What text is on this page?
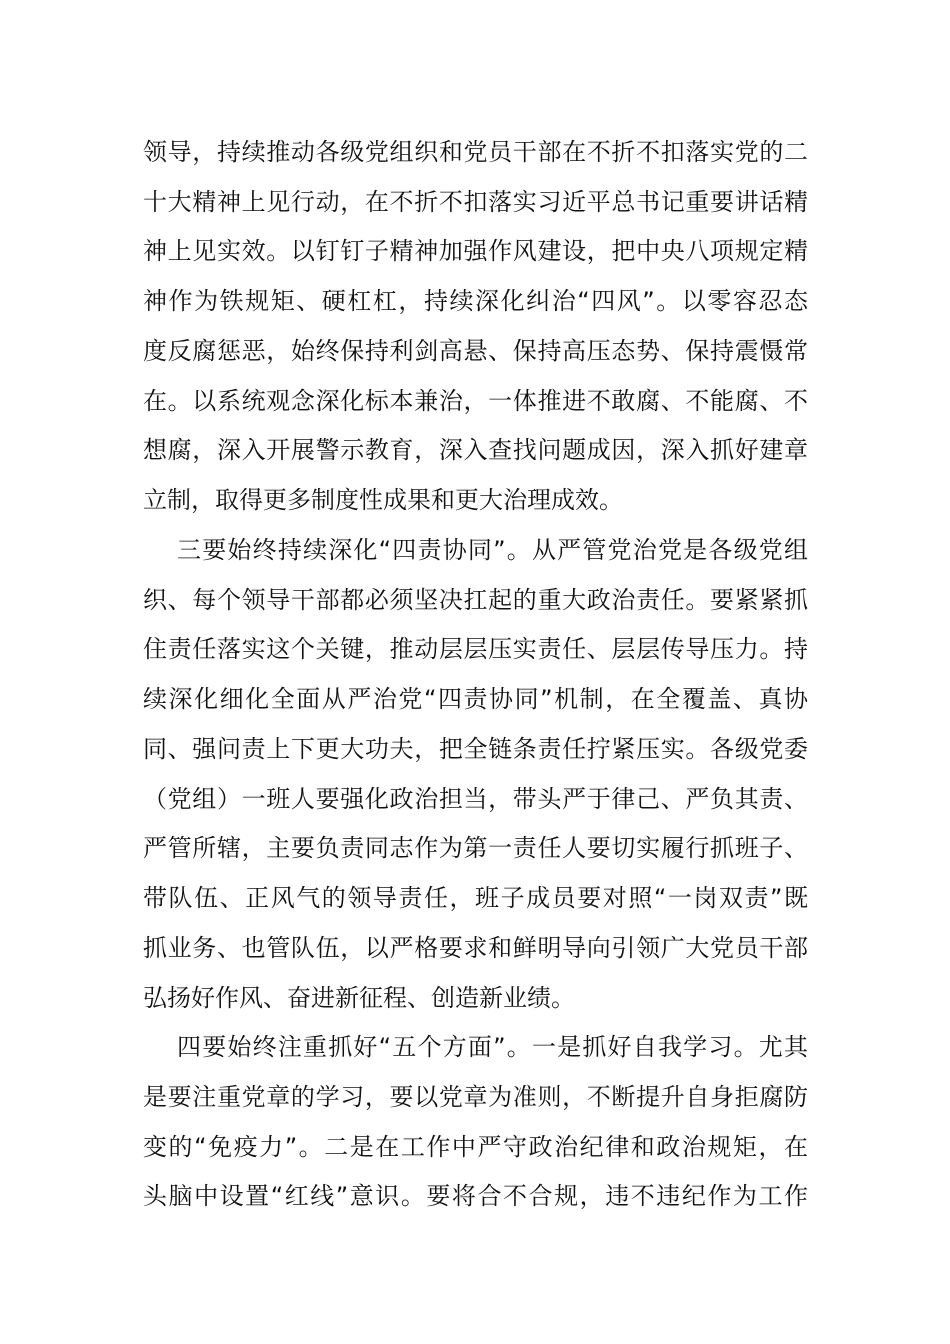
领导，持续推动各级党组织和党员干部在不折不扣落实党的二
十大精神上见行动，在不折不扣落实习近平总书记重要讲话精
神上见实效。以钉钉子精神加强作风建设，把中央八项规定精
神作为铁规矩、硬杠杠，持续深化纠治“四风”。以零容忍态
度反腐惩恶，始终保持利剑高悬、保持高压态势、保持震慑常
在。以系统观念深化标本兼治，一体推进不敢腐、不能腐、不
想腐，深入开展警示教育，深入查找问题成因，深入抓好建章
立制，取得更多制度性成果和更大治理成效。
三要始终持续深化“四责协同”。从严管党治党是各级党组
织、每个领导干部都必须坚决扛起的重大政治责任。要紧紧抓
住责任落实这个关键，推动层层压实责任、层层传导压力。持
续深化细化全面从严治党“四责协同”机制，在全覆盖、真协
同、强问责上下更大功夫，把全链条责任拧紧压实。各级党委
（党组）一班人要强化政治担当，带头严于律己、严负其责、
严管所辖，主要负责同志作为第一责任人要切实履行抓班子、
带队伍、正风气的领导责任，班子成员要对照“一岗双责”既
抓业务、也管队伍，以严格要求和鲜明导向引领广大党员干部
弘扬好作风、奋进新征程、创造新业绩。
四要始终注重抓好“五个方面”。一是抓好自我学习。尤其
是要注重党章的学习，要以党章为准则，不断提升自身拒腐防
变的“免疫力”。二是在工作中严守政治纪律和政治规矩，在
头脑中设置“红线”意识。要将合不合规，违不违纪作为工作
